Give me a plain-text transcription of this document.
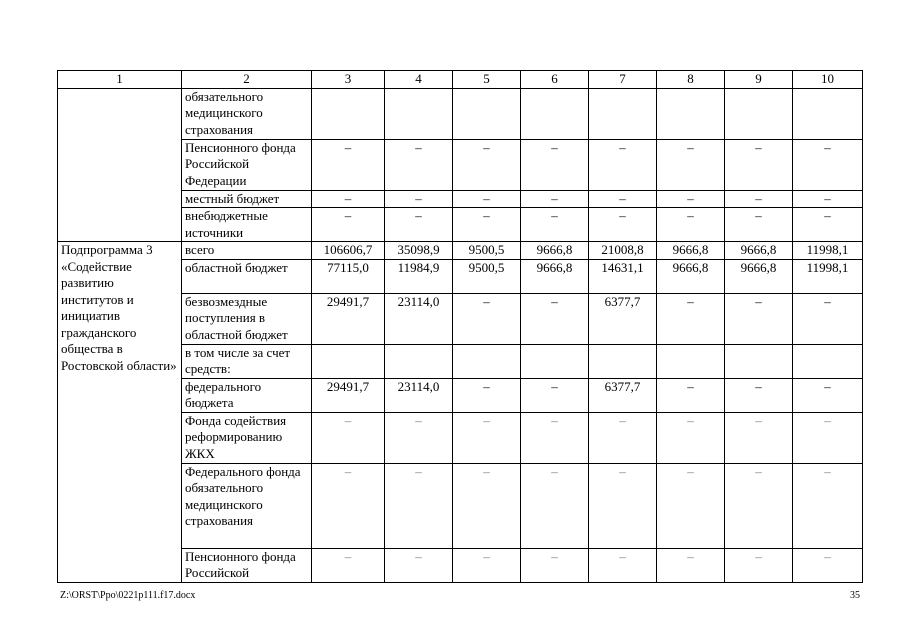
1	2	3	4	5	6	7	8	9	10
	обязательного медицинского страхования								
	Пенсионного фонда Российской Федерации	–	–	–	–	–	–	–	–
	местный бюджет	–	–	–	–	–	–	–	–
	внебюджетные источники	–	–	–	–	–	–	–	–
Подпрограмма 3 «Содействие развитию институтов и инициатив гражданского общества в Ростовской области»	всего	106606,7	35098,9	9500,5	9666,8	21008,8	9666,8	9666,8	11998,1
	областной бюджет	77115,0	11984,9	9500,5	9666,8	14631,1	9666,8	9666,8	11998,1
	безвозмездные поступления в областной бюджет	29491,7	23114,0	–	–	6377,7	–	–	–
	в том числе за счет средств:								
	федерального бюджета	29491,7	23114,0	–	–	6377,7	–	–	–
	Фонда содействия реформированию ЖКХ	–	–	–	–	–	–	–	–
	Федерального фонда обязательного медицинского страхования	–	–	–	–	–	–	–	–
	Пенсионного фонда Российской	–	–	–	–	–	–	–	–
Z:\ORST\Ppo\0221p111.f17.docx	35
